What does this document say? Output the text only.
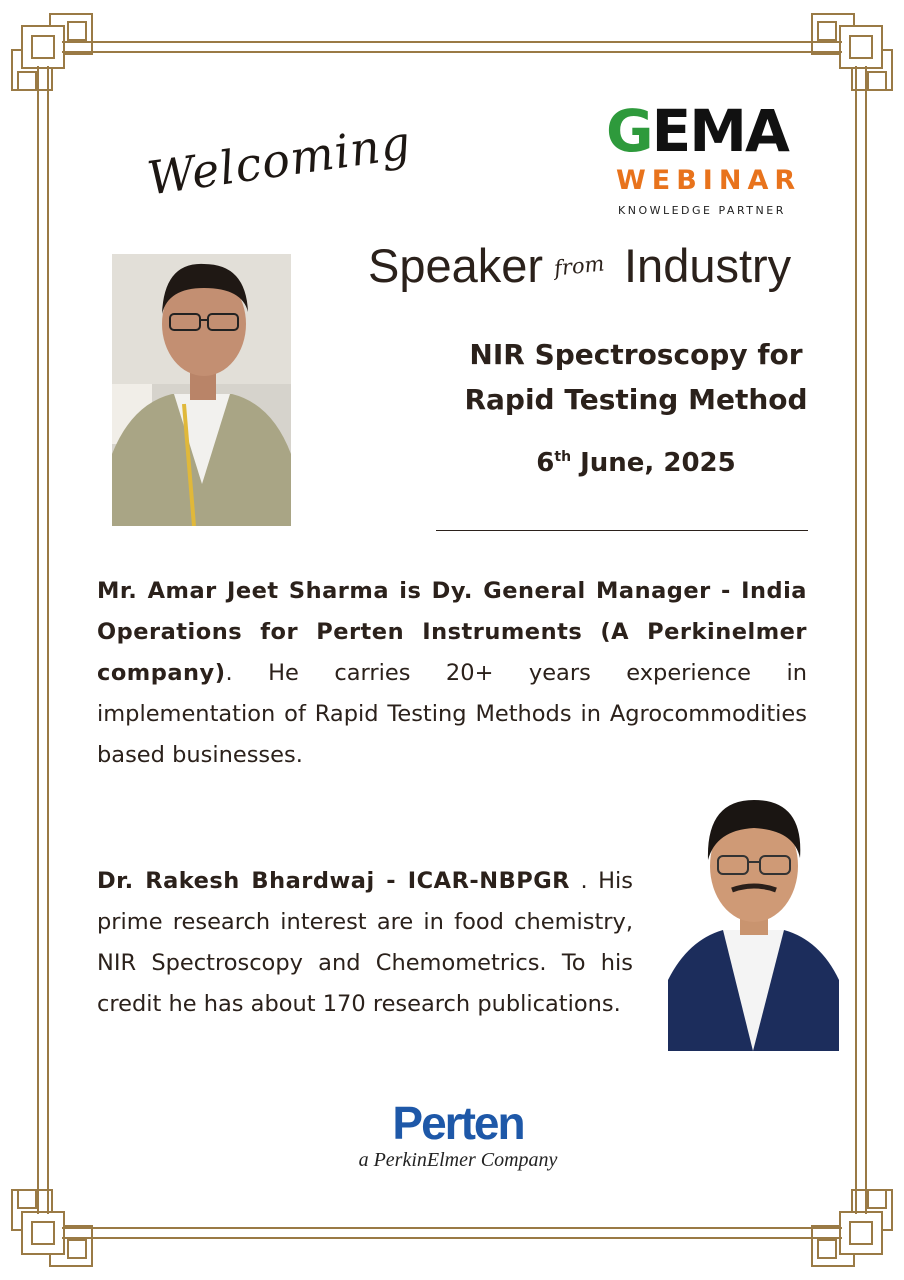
Welcoming	GEMA
WEBINAR
KNOWLEDGE PARTNER
Speaker from Industry
NIR Spectroscopy for
Rapid Testing Method
6th June, 2025

Mr. Amar Jeet Sharma is Dy. General Manager - India Operations for Perten Instruments (A Perkinelmer company). He carries 20+ years experience in implementation of Rapid Testing Methods in Agrocommodities based businesses.

Dr. Rakesh Bhardwaj - ICAR-NBPGR . His prime research interest are in food chemistry, NIR Spectroscopy and Chemometrics. To his credit he has about 170 research publications.

Perten
a PerkinElmer Company
